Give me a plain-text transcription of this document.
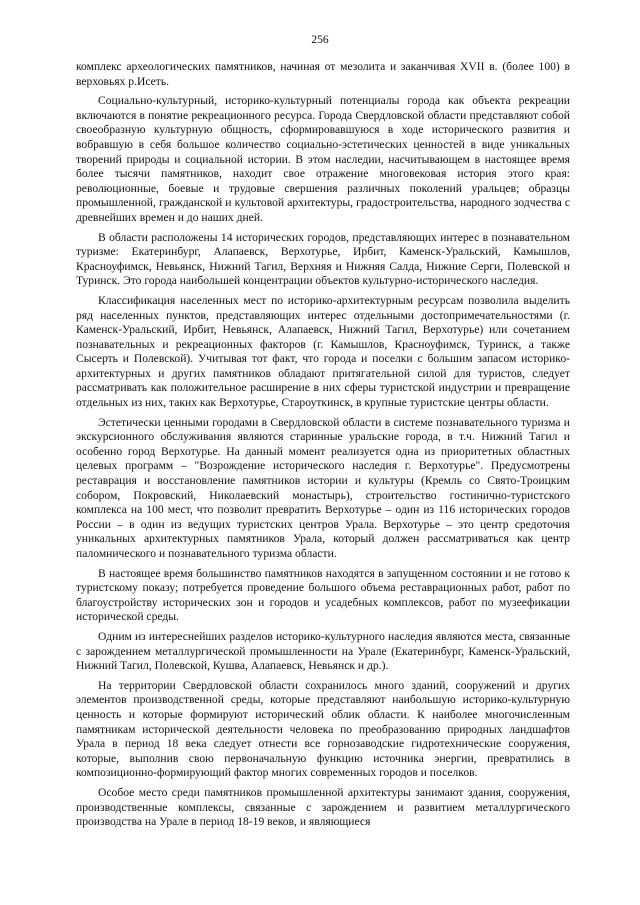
256

комплекс археологических памятников, начиная от мезолита и заканчивая XVII в. (более 100) в верховьях р.Исеть.

Социально-культурный, историко-культурный потенциалы города как объекта рекреации включаются в понятие рекреационного ресурса. Города Свердловской области представляют собой своеобразную культурную общность, сформировавшуюся в ходе исторического развития и вобравшую в себя большое количество социально-эстетических ценностей в виде уникальных творений природы и социальной истории. В этом наследии, насчитывающем в настоящее время более тысячи памятников, находит свое отражение многовековая история этого края: революционные, боевые и трудовые свершения различных поколений уральцев; образцы промышленной, гражданской и культовой архитектуры, градостроительства, народного зодчества с древнейших времен и до наших дней.

В области расположены 14 исторических городов, представляющих интерес в познавательном туризме: Екатеринбург, Алапаевск, Верхотурье, Ирбит, Каменск-Уральский, Камышлов, Красноуфимск, Невьянск, Нижний Тагил, Верхняя и Нижняя Салда, Нижние Серги, Полевской и Туринск. Это города наибольшей концентрации объектов культурно-исторического наследия.

Классификация населенных мест по историко-архитектурным ресурсам позволила выделить ряд населенных пунктов, представляющих интерес отдельными достопримечательностями (г. Каменск-Уральский, Ирбит, Невьянск, Алапаевск, Нижний Тагил, Верхотурье) или сочетанием познавательных и рекреационных факторов (г. Камышлов, Красноуфимск, Туринск, а также Сысерть и Полевской). Учитывая тот факт, что города и поселки с большим запасом историко-архитектурных и других памятников обладают притягательной силой для туристов, следует рассматривать как положительное расширение в них сферы туристской индустрии и превращение отдельных из них, таких как Верхотурье, Староуткинск, в крупные туристские центры области.

Эстетически ценными городами в Свердловской области в системе познавательного туризма и экскурсионного обслуживания являются старинные уральские города, в т.ч. Нижний Тагил и особенно город Верхотурье. На данный момент реализуется одна из приоритетных областных целевых программ – "Возрождение исторического наследия г. Верхотурье". Предусмотрены реставрация и восстановление памятников истории и культуры (Кремль со Свято-Троицким собором, Покровский, Николаевский монастырь), строительство гостинично-туристского комплекса на 100 мест, что позволит превратить Верхотурье – один из 116 исторических городов России – в один из ведущих туристских центров Урала. Верхотурье – это центр средоточия уникальных архитектурных памятников Урала, который должен рассматриваться как центр паломнического и познавательного туризма области.

В настоящее время большинство памятников находятся в запущенном состоянии и не готово к туристскому показу; потребуется проведение большого объема реставрационных работ, работ по благоустройству исторических зон и городов и усадебных комплексов, работ по музеефикации исторической среды.

Одним из интереснейших разделов историко-культурного наследия являются места, связанные с зарождением металлургической промышленности на Урале (Екатеринбург, Каменск-Уральский, Нижний Тагил, Полевской, Кушва, Алапаевск, Невьянск и др.).

На территории Свердловской области сохранилось много зданий, сооружений и других элементов производственной среды, которые представляют наибольшую историко-культурную ценность и которые формируют исторический облик области. К наиболее многочисленным памятникам исторической деятельности человека по преобразованию природных ландшафтов Урала в период 18 века следует отнести все горнозаводские гидротехнические сооружения, которые, выполнив свою первоначальную функцию источника энергии, превратились в композиционно-формирующий фактор многих современных городов и поселков.

Особое место среди памятников промышленной архитектуры занимают здания, сооружения, производственные комплексы, связанные с зарождением и развитием металлургического производства на Урале в период 18-19 веков, и являющиеся
